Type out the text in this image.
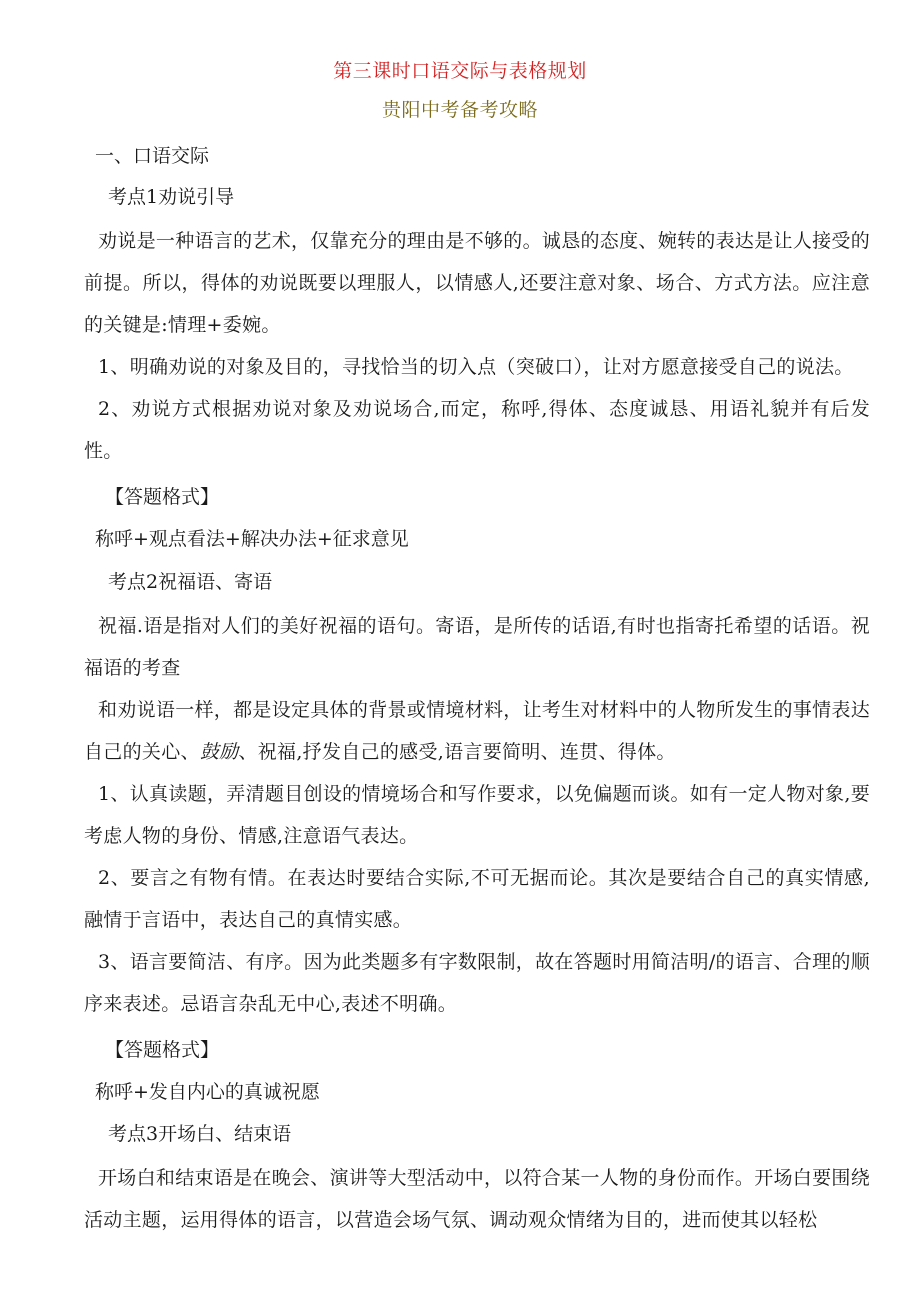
第三课时口语交际与表格规划
贵阳中考备考攻略
一、口语交际
考点1劝说引导
劝说是一种语言的艺术，仅靠充分的理由是不够的。诚恳的态度、婉转的表达是让人接受的前提。所以，得体的劝说既要以理服人，以情感人,还要注意对象、场合、方式方法。应注意的关键是:情理+委婉。
1、明确劝说的对象及目的，寻找恰当的切入点（突破口），让对方愿意接受自己的说法。
2、劝说方式根据劝说对象及劝说场合,而定，称呼,得体、态度诚恳、用语礼貌并有后发性。
【答题格式】
称呼+观点看法+解决办法+征求意见
考点2祝福语、寄语
祝福.语是指对人们的美好祝福的语句。寄语，是所传的话语,有时也指寄托希望的话语。祝福语的考查
和劝说语一样，都是设定具体的背景或情境材料，让考生对材料中的人物所发生的事情表达自己的关心、鼓励、祝福,抒发自己的感受,语言要简明、连贯、得体。
1、认真读题，弄清题目创设的情境场合和写作要求，以免偏题而谈。如有一定人物对象,要考虑人物的身份、情感,注意语气表达。
2、要言之有物有情。在表达时要结合实际,不可无据而论。其次是要结合自己的真实情感,融情于言语中，表达自己的真情实感。
3、语言要简洁、有序。因为此类题多有字数限制，故在答题时用简洁明/的语言、合理的顺序来表述。忌语言杂乱无中心,表述不明确。
【答题格式】
称呼+发自内心的真诚祝愿
考点3开场白、结束语
开场白和结束语是在晚会、演讲等大型活动中，以符合某一人物的身份而作。开场白要围绕活动主题，运用得体的语言，以营造会场气氛、调动观众情绪为目的，进而使其以轻松
